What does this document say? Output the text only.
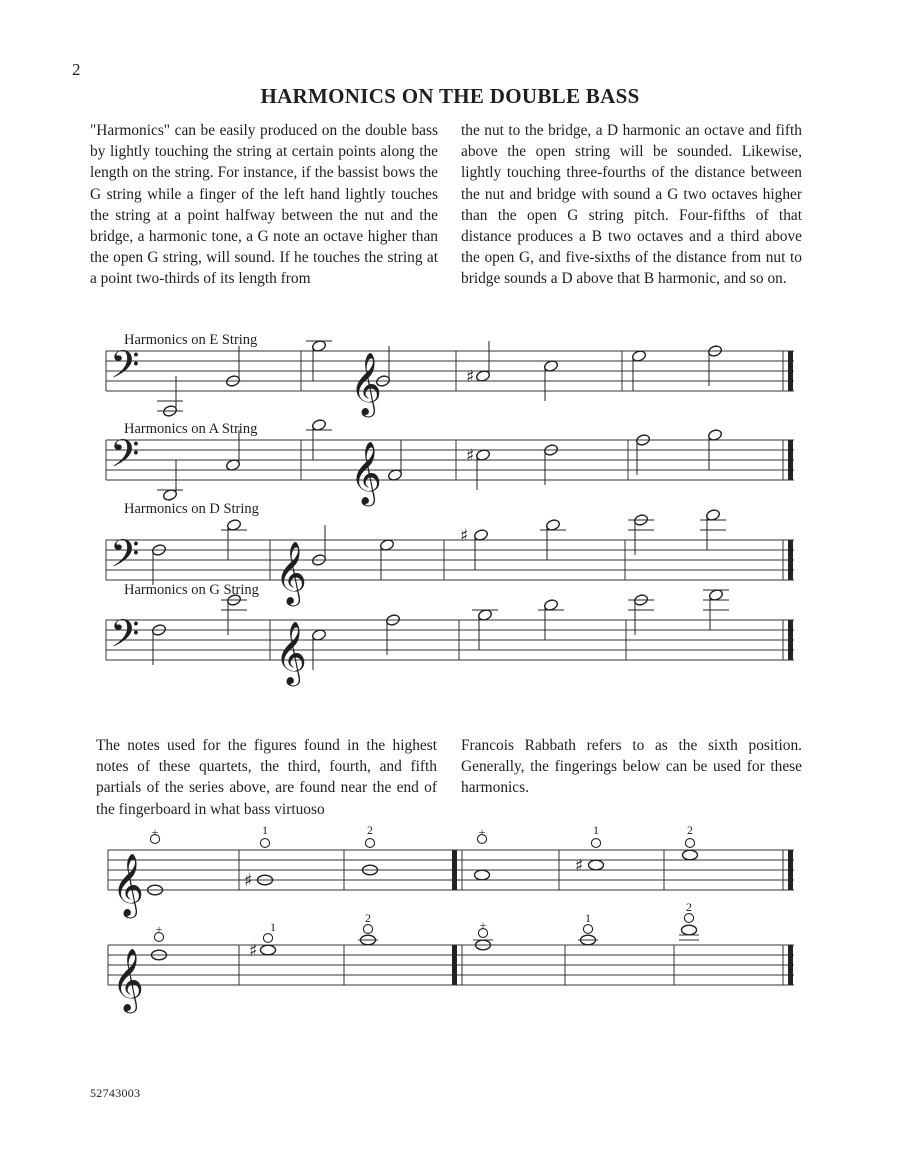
2
HARMONICS ON THE DOUBLE BASS

"Harmonics" can be easily produced on the double bass by lightly touching the string at certain points along the length on the string. For instance, if the bassist bows the G string while a finger of the left hand lightly touches the string at a point halfway between the nut and the bridge, a harmonic tone, a G note an octave higher than the open G string, will sound. If he touches the string at a point two-thirds of its length from

the nut to the bridge, a D harmonic an octave and fifth above the open string will be sounded. Likewise, lightly touching three-fourths of the distance between the nut and bridge with sound a G two octaves higher than the open G string pitch. Four-fifths of that distance produces a B two octaves and a third above the open G, and five-sixths of the distance from nut to bridge sounds a D above that B harmonic, and so on.

Harmonics on E String
𝄢	𝄞	♯
Harmonics on A String
𝄢	𝄞	♯
Harmonics on D String
𝄢	𝄞
♯
Harmonics on G String
𝄢	𝄞
𝄞
+	1	2	+	1	2
♯
♯
𝄞
+	1
2	+	1
2
♯

The notes used for the figures found in the highest notes of these quartets, the third, fourth, and fifth partials of the series above, are found near the end of the fingerboard in what bass virtuoso

Francois Rabbath refers to as the sixth position. Generally, the fingerings below can be used for these harmonics.

52743003
